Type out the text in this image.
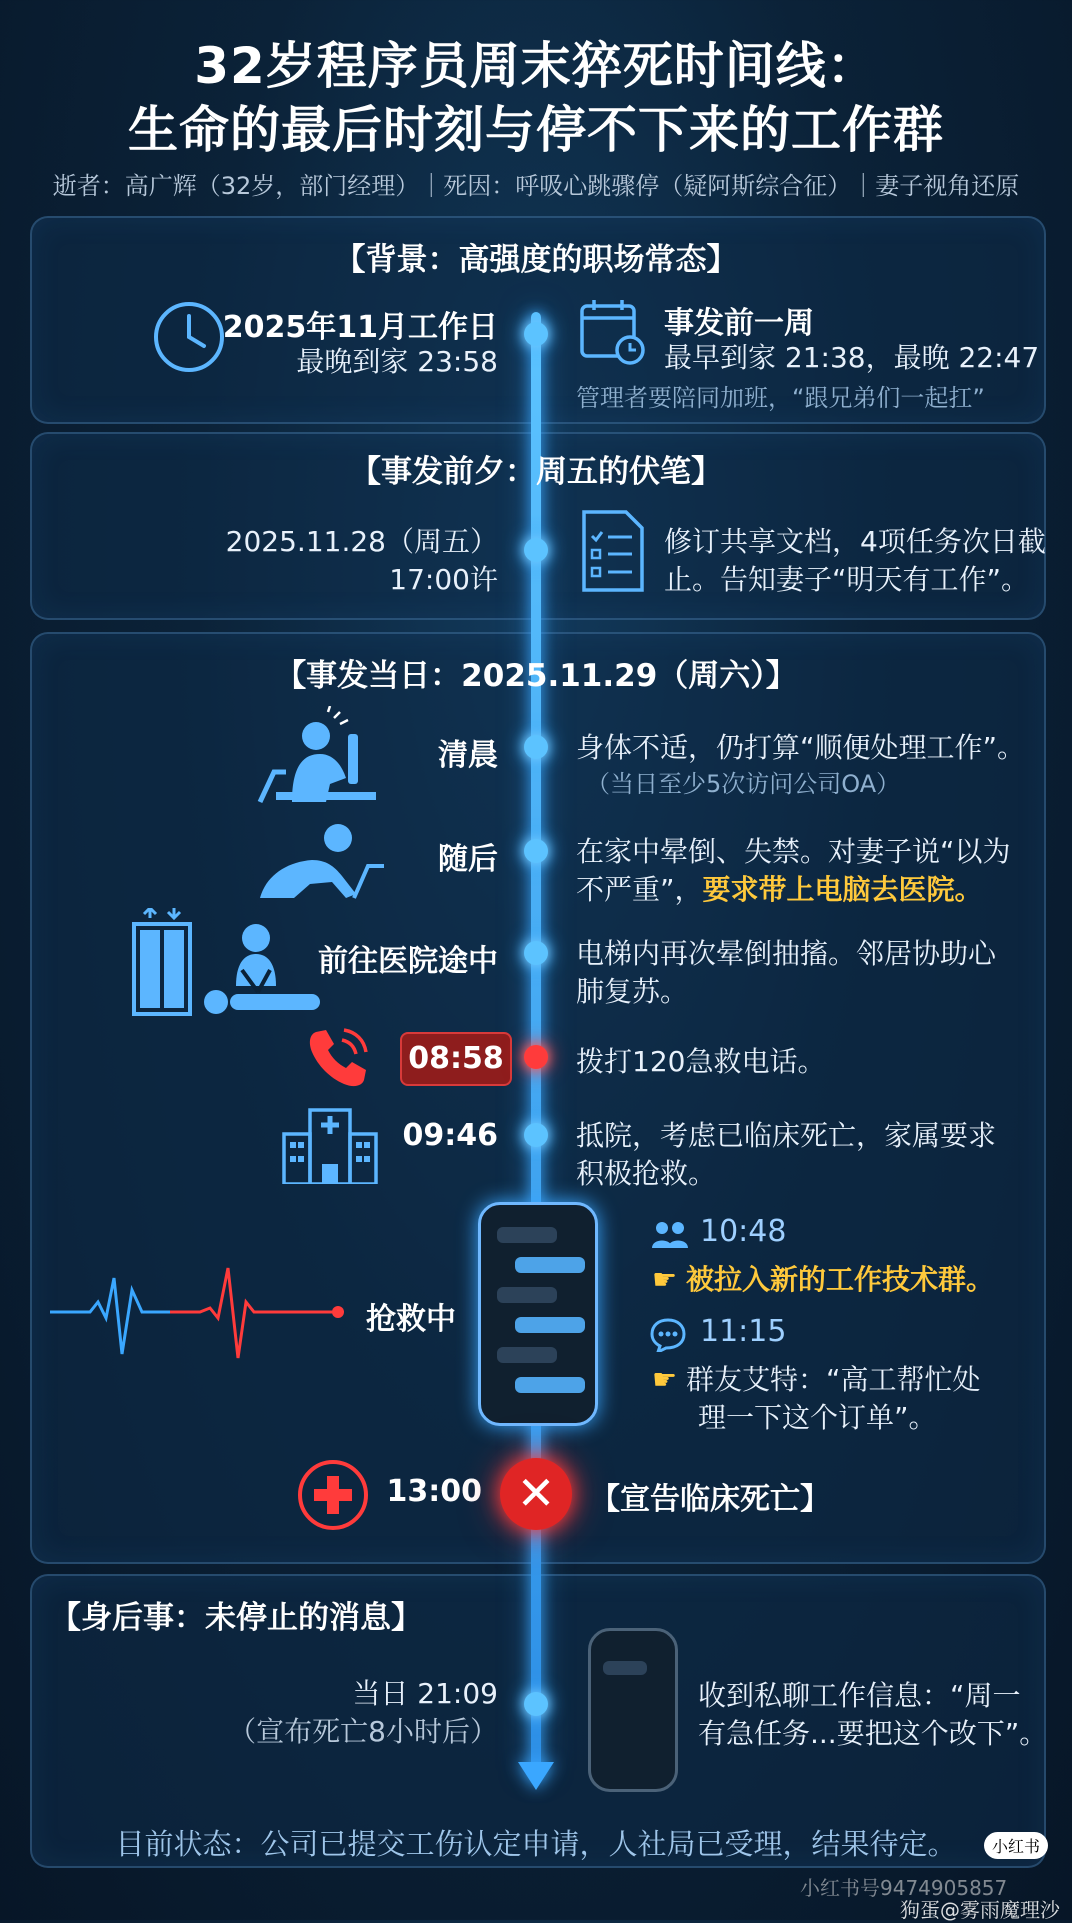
32岁程序员周末猝死时间线：
生命的最后时刻与停不下来的工作群
逝者：高广辉（32岁，部门经理）｜死因：呼吸心跳骤停（疑阿斯综合征）｜妻子视角还原
【背景：高强度的职场常态】
2025年11月工作日
最晚到家 23:58
事发前一周
最早到家 21:38，最晚 22:47
管理者要陪同加班，“跟兄弟们一起扛”
【事发前夕：周五的伏笔】
2025.11.28（周五）
17:00许
修订共享文档，4项任务次日截
止。告知妻子“明天有工作”。
【事发当日：2025.11.29（周六）】
清晨	身体不适，仍打算“顺便处理工作”。
（当日至少5次访问公司OA）
随后	在家中晕倒、失禁。对妻子说“以为
不严重”，要求带上电脑去医院。
前往医院途中	电梯内再次晕倒抽搐。邻居协助心
肺复苏。
08:58	拨打120急救电话。
09:46	抵院，考虑已临床死亡，家属要求
积极抢救。
抢救中
10:48
☛ 被拉入新的工作技术群。
11:15
☛ 群友艾特：“高工帮忙处
理一下这个订单”。
13:00 ✕	【宣告临床死亡】
【身后事：未停止的消息】
当日 21:09
（宣布死亡8小时后）
收到私聊工作信息：“周一
有急任务...要把这个改下”。
目前状态：公司已提交工伤认定申请，人社局已受理，结果待定。	小红书
小红书号9474905857
狗蛋@雾雨魔理沙
